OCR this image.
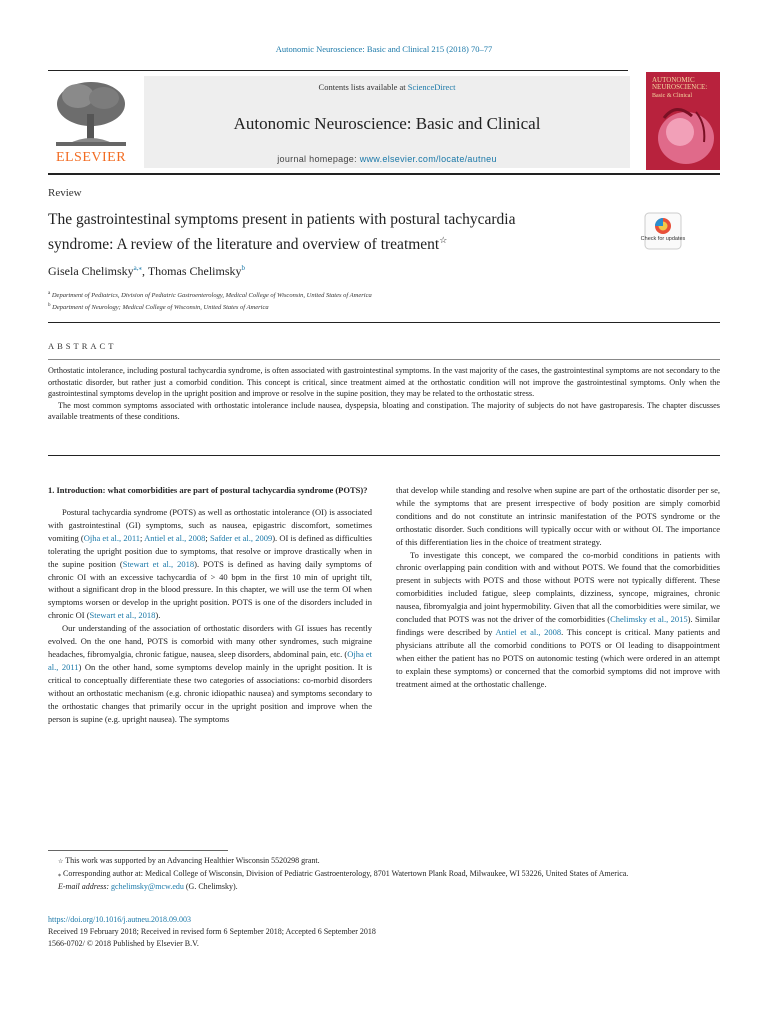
Autonomic Neuroscience: Basic and Clinical 215 (2018) 70–77
ELSEVIER
Contents lists available at ScienceDirect
Autonomic Neuroscience: Basic and Clinical
journal homepage: www.elsevier.com/locate/autneu
AUTONOMIC
NEUROSCIENCE:
Basic & Clinical
Review
The gastrointestinal symptoms present in patients with postural tachycardia
syndrome: A review of the literature and overview of treatment☆	Check for updates
Gisela Chelimsky$^{a,⁎}$, Thomas Chelimsky$^b$
$^a$ Department of Pediatrics, Division of Pediatric Gastroenterology, Medical College of Wisconsin, United States of America
$^b$ Department of Neurology; Medical College of Wisconsin, United States of America
ABSTRACT

Orthostatic intolerance, including postural tachycardia syndrome, is often associated with gastrointestinal symptoms. In the vast majority of the cases, the gastrointestinal symptoms are not secondary to the orthostatic disorder, but rather just a comorbid condition. This concept is critical, since treatment aimed at the orthostatic condition will not improve the gastrointestinal symptoms. Only when the gastrointestinal symptoms develop in the upright position and improve or resolve in the supine position, they may be related to the orthostatic stress.

The most common symptoms associated with orthostatic intolerance include nausea, dyspepsia, bloating and constipation. The majority of subjects do not have gastroparesis. The chapter discusses available treatments of these conditions.

1. Introduction: what comorbidities are part of postural tachycardia syndrome (POTS)?

Postural tachycardia syndrome (POTS) as well as orthostatic intolerance (OI) is associated with gastrointestinal (GI) symptoms, such as nausea, epigastric discomfort, sometimes vomiting (Ojha et al., 2011; Antiel et al., 2008; Safder et al., 2009). OI is defined as difficulties tolerating the upright position due to symptoms, that resolve or improve drastically when in the supine position (Stewart et al., 2018). POTS is defined as having daily symptoms of chronic OI with an excessive tachycardia of > 40 bpm in the first 10 min of upright tilt, without a significant drop in the blood pressure. In this chapter, we will use the term OI when symptoms worsen or develop in the upright position. POTS is one of the disorders included in chronic OI (Stewart et al., 2018).

Our understanding of the association of orthostatic disorders with GI issues has recently evolved. On the one hand, POTS is comorbid with many other syndromes, such migraine headaches, fibromyalgia, chronic fatigue, nausea, sleep disorders, abdominal pain, etc. (Ojha et al., 2011) On the other hand, some symptoms develop mainly in the upright position. It is critical to conceptually differentiate these two categories of associations: co-morbid disorders without an orthostatic mechanism (e.g. chronic idiopathic nausea) and symptoms secondary to the orthostatic changes that primarily occur in the upright position and improve when the person is supine (e.g. upright nausea). The symptoms

that develop while standing and resolve when supine are part of the orthostatic disorder per se, while the symptoms that are present irrespective of body position are simply comorbid conditions and do not constitute an intrinsic manifestation of the POTS syndrome or the orthostatic disorder. Such conditions will typically occur with or without OI. The importance of this differentiation lies in the choice of treatment strategy.

To investigate this concept, we compared the co-morbid conditions in patients with chronic overlapping pain condition with and without POTS. We found that the comorbidities present in subjects with POTS and those without POTS were not typically different. These comorbidities included fatigue, sleep complaints, dizziness, syncope, migraines, chronic nausea, fibromyalgia and joint hypermobility. Given that all the comorbidities were similar, we concluded that POTS was not the driver of the comorbidities (Chelimsky et al., 2015). Similar findings were described by Antiel et al., 2008. This concept is critical. Many patients and physicians attribute all the comorbid conditions to POTS or OI leading to disappointment when either the patient has no POTS on autonomic testing (which were ordered in an attempt to explain these symptoms) or concerned that the comorbid symptoms did not improve with treatment aimed at the orthostatic challenge.

☆ This work was supported by an Advancing Healthier Wisconsin 5520298 grant.

⁎ Corresponding author at: Medical College of Wisconsin, Division of Pediatric Gastroenterology, 8701 Watertown Plank Road, Milwaukee, WI 53226, United States of America.

E-mail address: gchelimsky@mcw.edu (G. Chelimsky).

https://doi.org/10.1016/j.autneu.2018.09.003
Received 19 February 2018; Received in revised form 6 September 2018; Accepted 6 September 2018
1566-0702/ © 2018 Published by Elsevier B.V.
